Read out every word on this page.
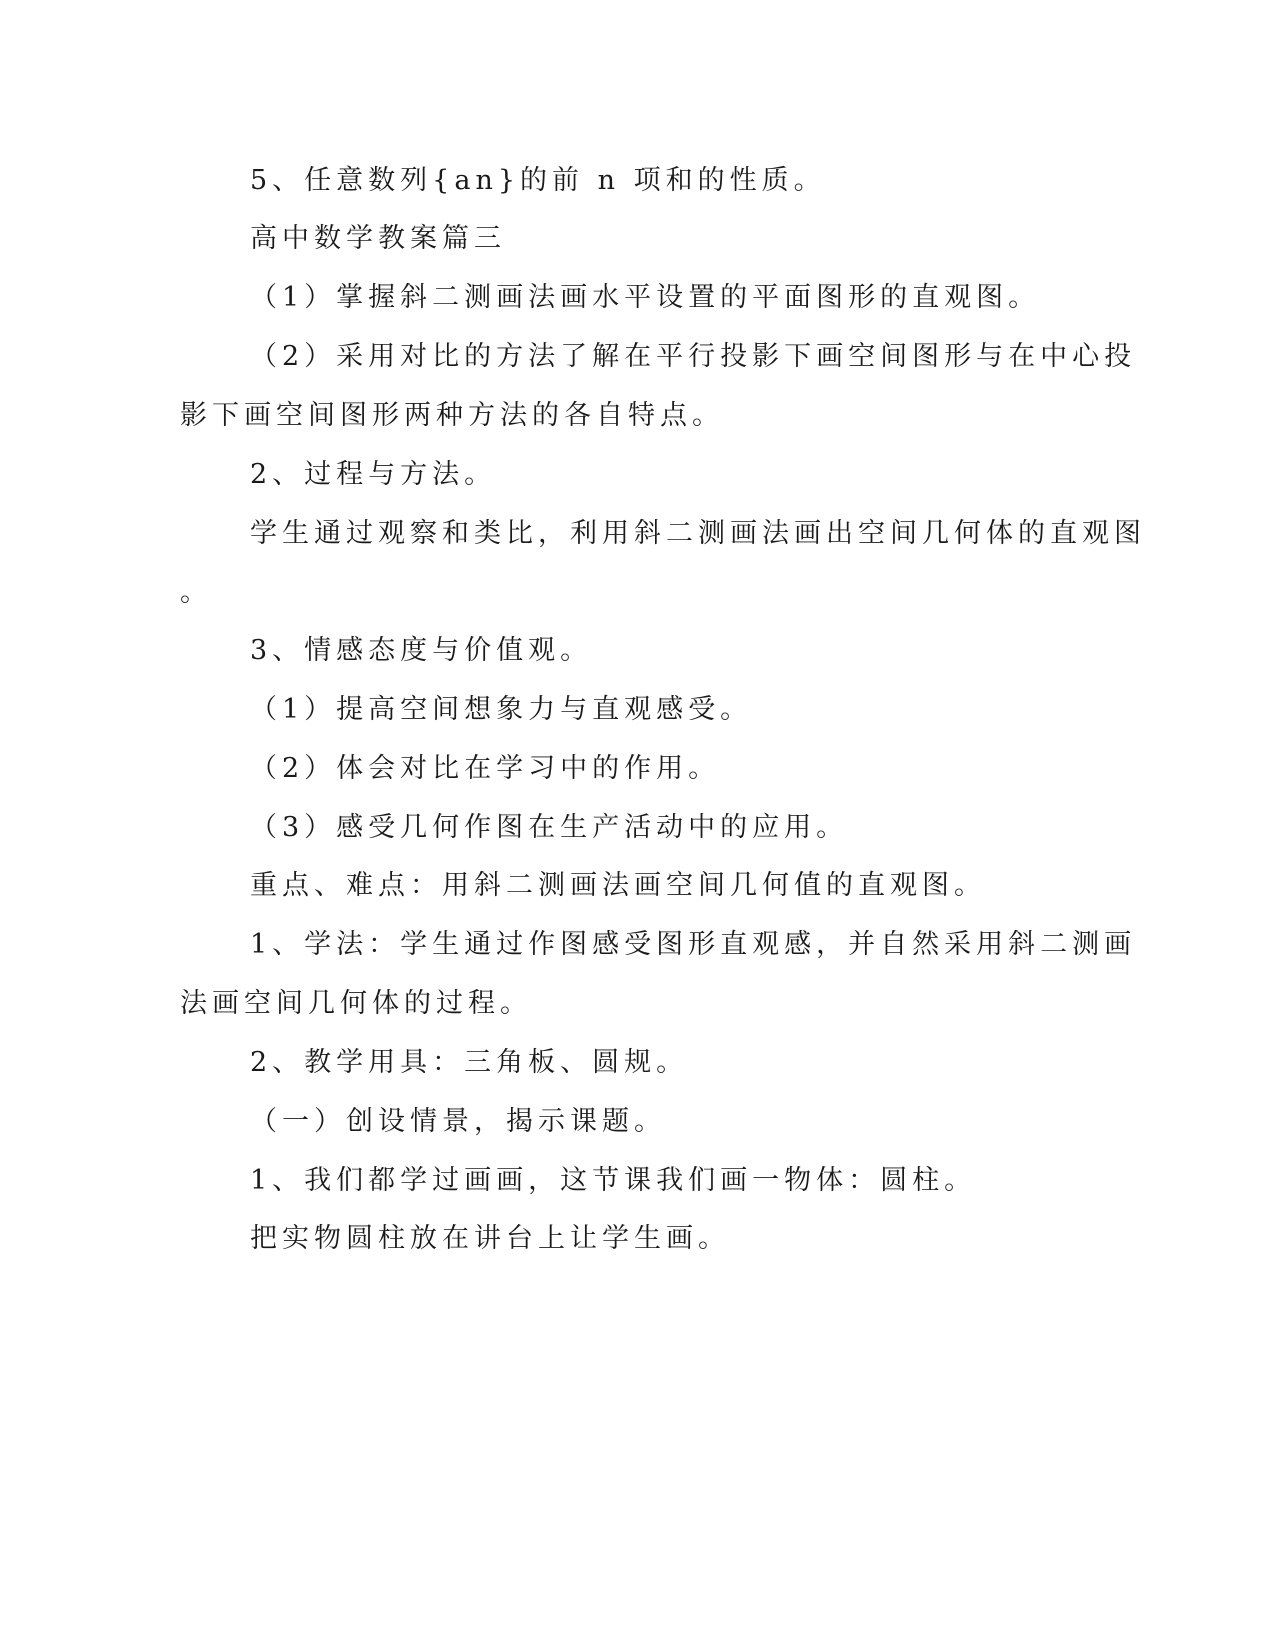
5、任意数列{an}的前 n 项和的性质。
高中数学教案篇三
（1）掌握斜二测画法画水平设置的平面图形的直观图。
（2）采用对比的方法了解在平行投影下画空间图形与在中心投
影下画空间图形两种方法的各自特点。
2、过程与方法。
学生通过观察和类比，利用斜二测画法画出空间几何体的直观图
。
3、情感态度与价值观。
（1）提高空间想象力与直观感受。
（2）体会对比在学习中的作用。
（3）感受几何作图在生产活动中的应用。
重点、难点：用斜二测画法画空间几何值的直观图。
1、学法：学生通过作图感受图形直观感，并自然采用斜二测画
法画空间几何体的过程。
2、教学用具：三角板、圆规。
（一）创设情景，揭示课题。
1、我们都学过画画，这节课我们画一物体：圆柱。
把实物圆柱放在讲台上让学生画。
